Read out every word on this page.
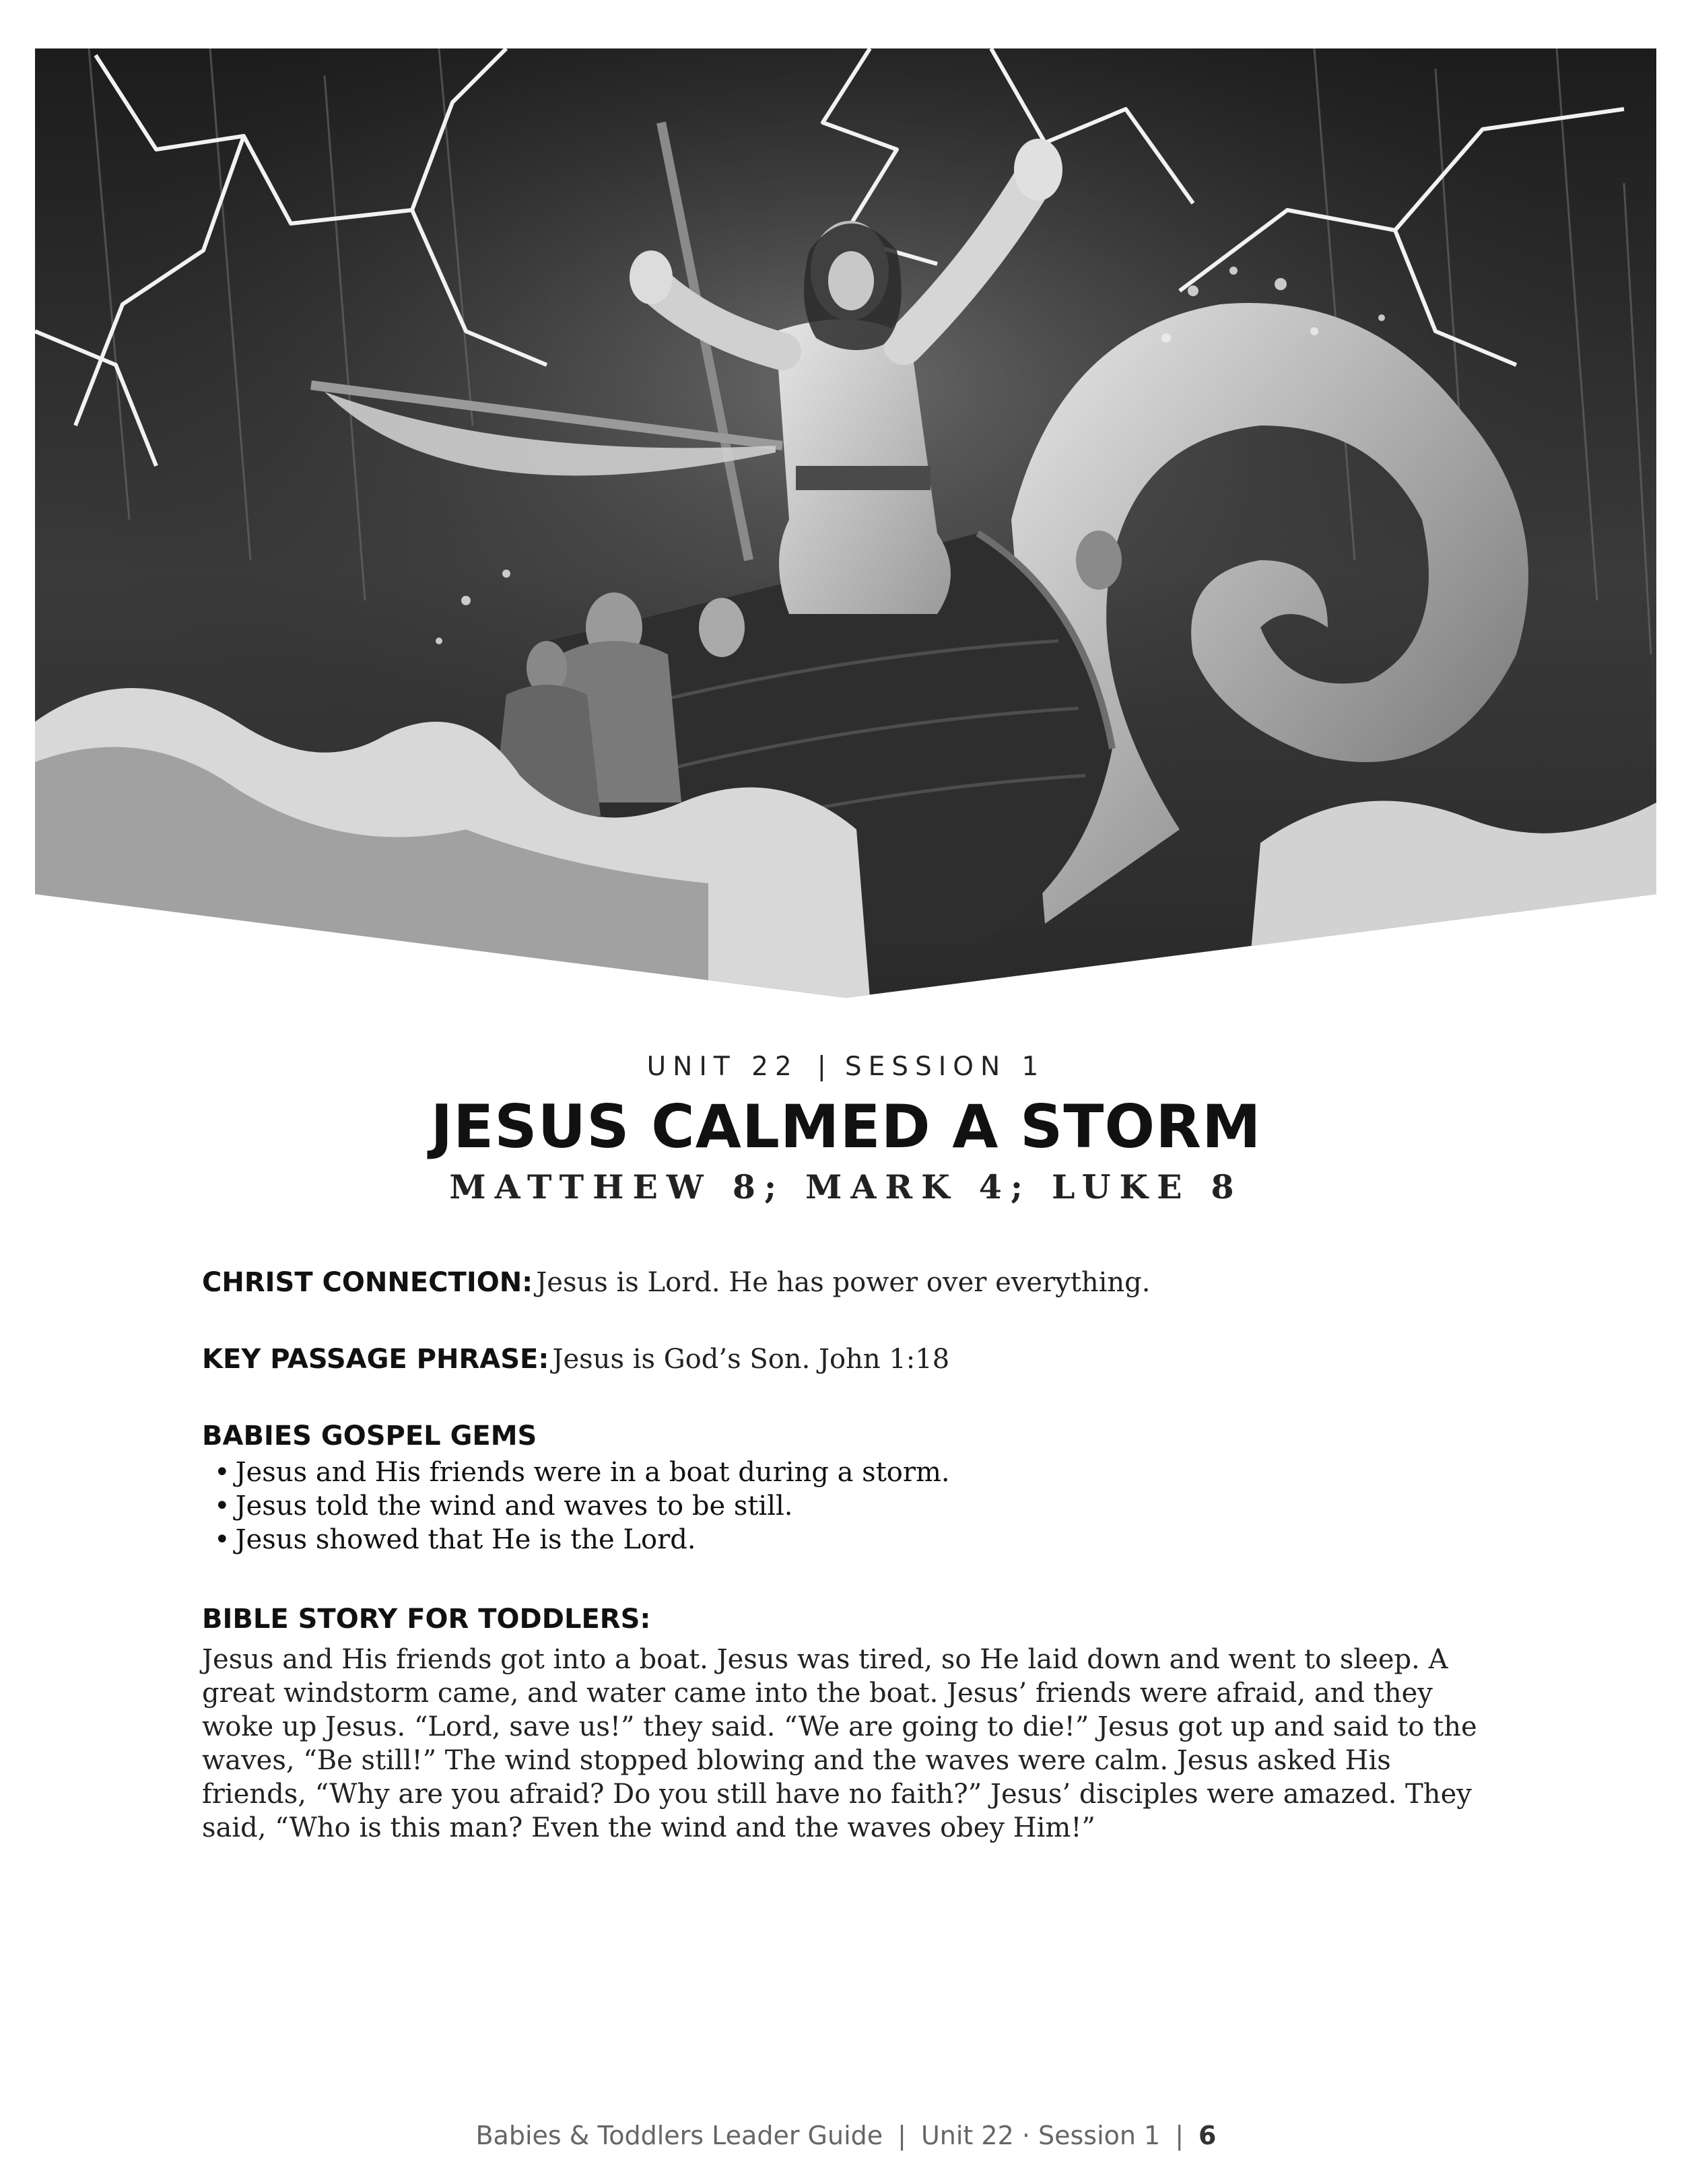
UNIT 22 | SESSION 1
JESUS CALMED A STORM
MATTHEW 8; MARK 4; LUKE 8
CHRIST CONNECTION: Jesus is Lord. He has power over everything.
KEY PASSAGE PHRASE: Jesus is God’s Son. John 1:18
BABIES GOSPEL GEMS
• Jesus and His friends were in a boat during a storm.
• Jesus told the wind and waves to be still.
• Jesus showed that He is the Lord.
BIBLE STORY FOR TODDLERS:

Jesus and His friends got into a boat. Jesus was tired, so He laid down and went to sleep. A great windstorm came, and water came into the boat. Jesus’ friends were afraid, and they woke up Jesus. “Lord, save us!” they said. “We are going to die!” Jesus got up and said to the waves, “Be still!” The wind stopped blowing and the waves were calm. Jesus asked His friends, “Why are you afraid? Do you still have no faith?” Jesus’ disciples were amazed. They said, “Who is this man? Even the wind and the waves obey Him!”

Babies & Toddlers Leader Guide | Unit 22 · Session 1 | 6
